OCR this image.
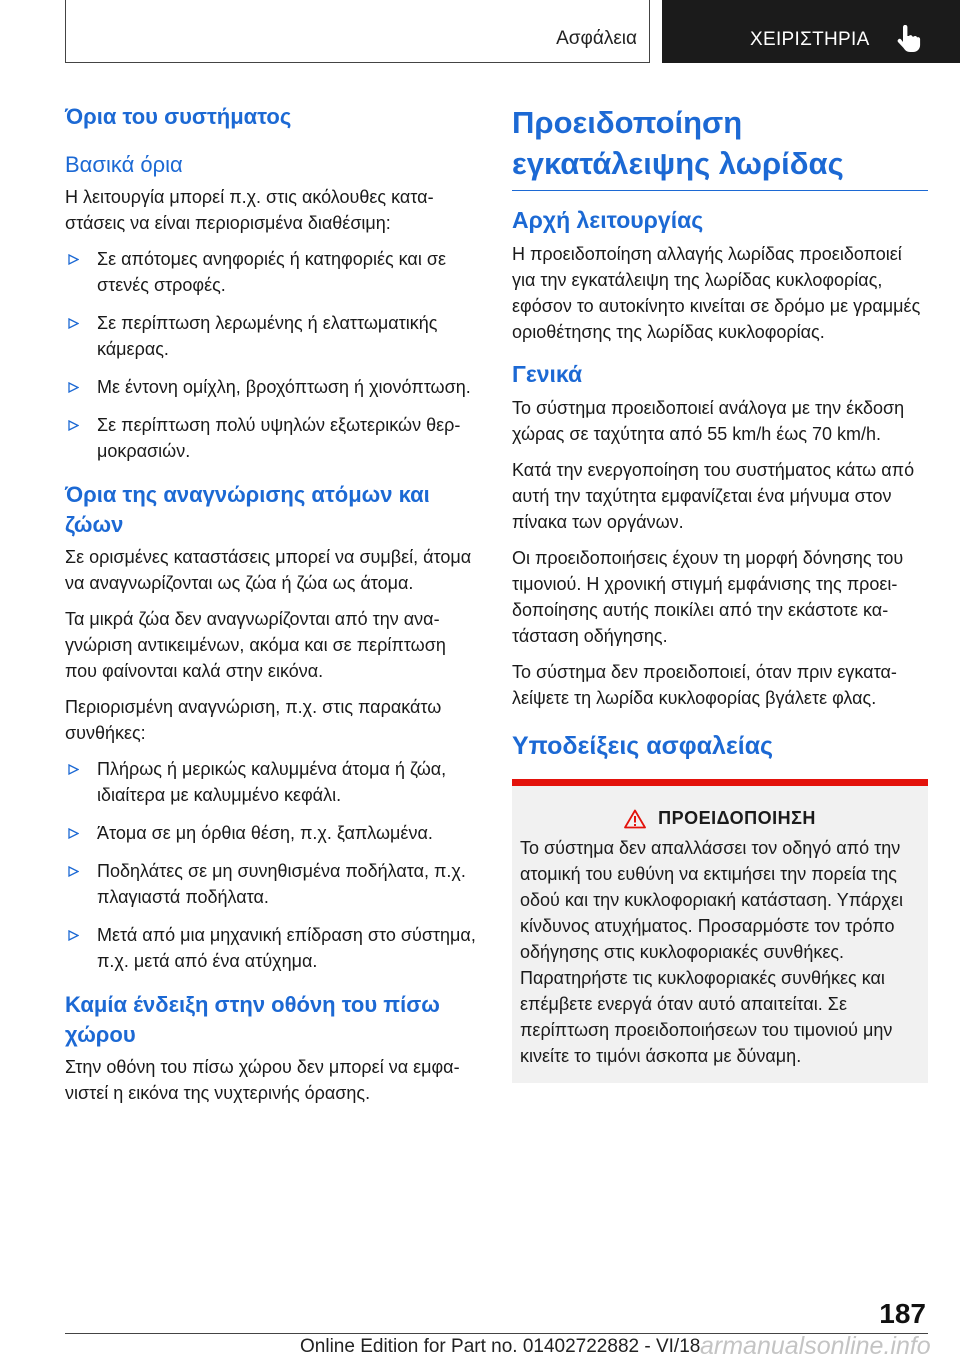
Ασφάλεια	ΧΕΙΡΙΣΤΗΡΙΑ
Όρια του συστήματος
Βασικά όρια

Η λειτουργία μπορεί π.χ. στις ακόλουθες καταστάσεις να είναι περιορισμένα διαθέσιμη:

Σε απότομες ανηφοριές ή κατηφοριές και σε στενές στροφές.
Σε περίπτωση λερωμένης ή ελαττωματικής κάμερας.
Με έντονη ομίχλη, βροχόπτωση ή χιονόπτωση.
Σε περίπτωση πολύ υψηλών εξωτερικών θερμοκρασιών.
Όρια της αναγνώρισης ατόμων και ζώων

Σε ορισμένες καταστάσεις μπορεί να συμβεί, άτομα να αναγνωρίζονται ως ζώα ή ζώα ως άτομα.

Τα μικρά ζώα δεν αναγνωρίζονται από την αναγνώριση αντικειμένων, ακόμα και σε περίπτωση που φαίνονται καλά στην εικόνα.

Περιορισμένη αναγνώριση, π.χ. στις παρακάτω συνθήκες:

Πλήρως ή μερικώς καλυμμένα άτομα ή ζώα, ιδιαίτερα με καλυμμένο κεφάλι.
Άτομα σε μη όρθια θέση, π.χ. ξαπλωμένα.
Ποδηλάτες σε μη συνηθισμένα ποδήλατα, π.χ. πλαγιαστά ποδήλατα.
Μετά από μια μηχανική επίδραση στο σύστημα, π.χ. μετά από ένα ατύχημα.
Καμία ένδειξη στην οθόνη του πίσω χώρου

Στην οθόνη του πίσω χώρου δεν μπορεί να εμφανιστεί η εικόνα της νυχτερινής όρασης.

Προειδοποίηση εγκατάλειψης λωρίδας
Αρχή λειτουργίας

Η προειδοποίηση αλλαγής λωρίδας προειδοποιεί για την εγκατάλειψη της λωρίδας κυκλοφορίας, εφόσον το αυτοκίνητο κινείται σε δρόμο με γραμμές οριοθέτησης της λωρίδας κυκλοφορίας.

Γενικά

Το σύστημα προειδοποιεί ανάλογα με την έκδοση χώρας σε ταχύτητα από 55 km/h έως 70 km/h.

Κατά την ενεργοποίηση του συστήματος κάτω από αυτή την ταχύτητα εμφανίζεται ένα μήνυμα στον πίνακα των οργάνων.

Οι προειδοποιήσεις έχουν τη μορφή δόνησης του τιμονιού. Η χρονική στιγμή εμφάνισης της προειδοποίησης αυτής ποικίλει από την εκάστοτε κατάσταση οδήγησης.

Το σύστημα δεν προειδοποιεί, όταν πριν εγκαταλείψετε τη λωρίδα κυκλοφορίας βγάλετε φλας.

Υποδείξεις ασφαλείας
ΠΡΟΕΙΔΟΠΟΙΗΣΗ

Το σύστημα δεν απαλλάσσει τον οδηγό από την ατομική του ευθύνη να εκτιμήσει την πορεία της οδού και την κυκλοφοριακή κατάσταση. Υπάρχει κίνδυνος ατυχήματος. Προσαρμόστε τον τρόπο οδήγησης στις κυκλοφοριακές συνθήκες. Παρατηρήστε τις κυκλοφοριακές συνθήκες και επέμβετε ενεργά όταν αυτό απαιτείται. Σε περίπτωση προειδοποιήσεων του τιμονιού μην κινείτε το τιμόνι άσκοπα με δύναμη.

187
Online Edition for Part no. 01402722882 - VI/18 armanualsonline.info
